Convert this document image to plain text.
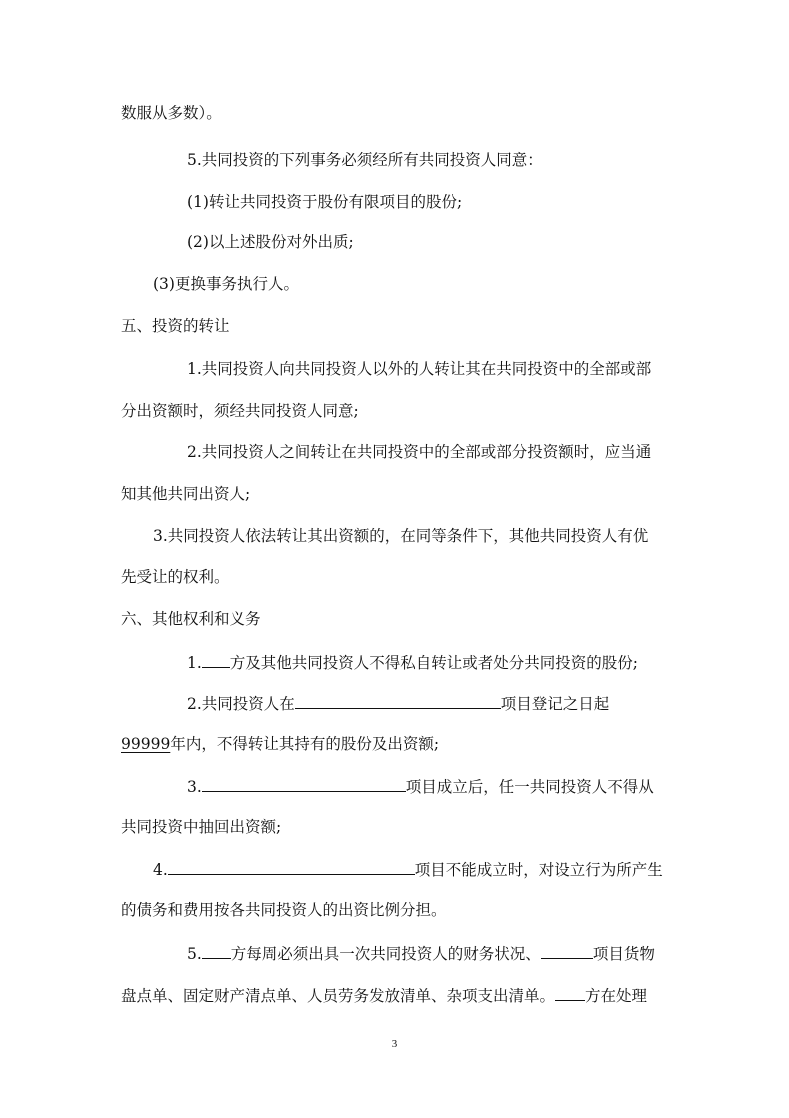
数服从多数）。
5.共同投资的下列事务必须经所有共同投资人同意：
(1)转让共同投资于股份有限项目的股份;
(2)以上述股份对外出质;
(3)更换事务执行人。
五、投资的转让
1.共同投资人向共同投资人以外的人转让其在共同投资中的全部或部
分出资额时，须经共同投资人同意;
2.共同投资人之间转让在共同投资中的全部或部分投资额时，应当通
知其他共同出资人;
3.共同投资人依法转让其出资额的，在同等条件下，其他共同投资人有优
先受让的权利。
六、其他权利和义务
1. 方及其他共同投资人不得私自转让或者处分共同投资的股份;
2.共同投资人在	项目登记之日起
99999年内，不得转让其持有的股份及出资额;
3.	项目成立后，任一共同投资人不得从
共同投资中抽回出资额;
4.	项目不能成立时，对设立行为所产生
的债务和费用按各共同投资人的出资比例分担。
5. 方每周必须出具一次共同投资人的财务状况、	项目货物
盘点单、固定财产清点单、人员劳务发放清单、杂项支出清单。 方在处理
3
